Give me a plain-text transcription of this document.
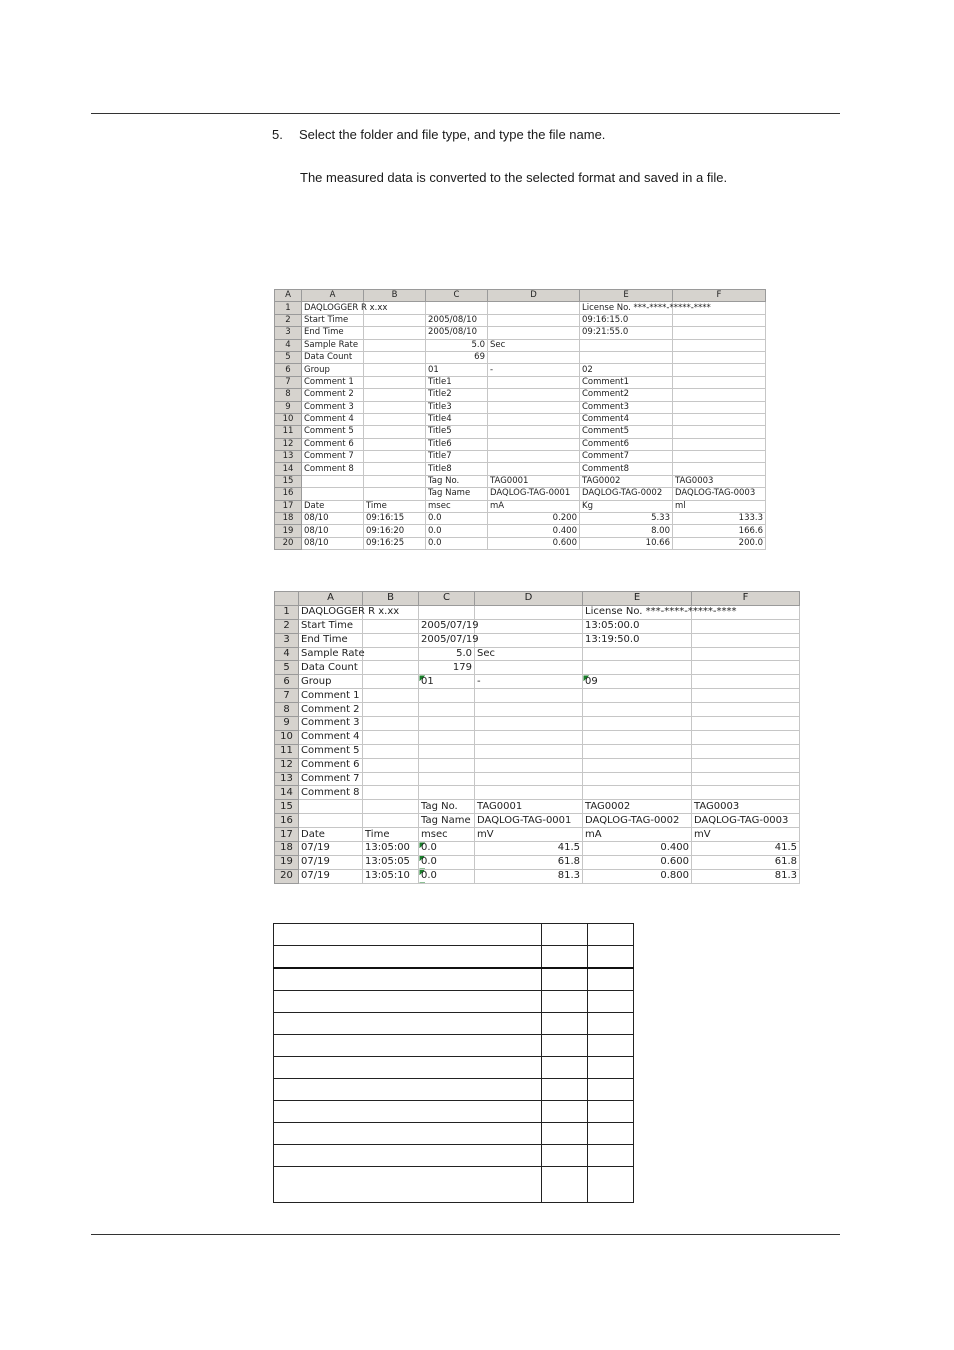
5. Select the folder and file type, and type the file name.
The measured data is converted to the selected format and saved in a file.
A	A	B	C	D	E	F
1	DAQLOGGER R x.xx				License No. ***-****-*****-****	
2	Start Time		2005/08/10		09:16:15.0	
3	End Time		2005/08/10		09:21:55.0	
4	Sample Rate		5.0	Sec		
5	Data Count		69			
6	Group		01	-	02	
7	Comment 1		Title1		Comment1	
8	Comment 2		Title2		Comment2	
9	Comment 3		Title3		Comment3	
10	Comment 4		Title4		Comment4	
11	Comment 5		Title5		Comment5	
12	Comment 6		Title6		Comment6	
13	Comment 7		Title7		Comment7	
14	Comment 8		Title8		Comment8	
15			Tag No.	TAG0001	TAG0002	TAG0003
16			Tag Name	DAQLOG-TAG-0001	DAQLOG-TAG-0002	DAQLOG-TAG-0003
17	Date	Time	msec	mA	Kg	ml
18	08/10	09:16:15	0.0	0.200	5.33	133.3
19	08/10	09:16:20	0.0	0.400	8.00	166.6
20	08/10	09:16:25	0.0	0.600	10.66	200.0
	A	B	C	D	E	F
1	DAQLOGGER R x.xx				License No. ***-****-*****-****	
2	Start Time		2005/07/19		13:05:00.0	
3	End Time		2005/07/19		13:19:50.0	
4	Sample Rate		5.0	Sec		
5	Data Count		179			
6	Group		01	-	09	
7	Comment 1					
8	Comment 2					
9	Comment 3					
10	Comment 4					
11	Comment 5					
12	Comment 6					
13	Comment 7					
14	Comment 8					
15			Tag No.	TAG0001	TAG0002	TAG0003
16			Tag Name	DAQLOG-TAG-0001	DAQLOG-TAG-0002	DAQLOG-TAG-0003
17	Date	Time	msec	mV	mA	mV
18	07/19	13:05:00	0.0	41.5	0.400	41.5
19	07/19	13:05:05	0.0	61.8	0.600	61.8
20	07/19	13:05:10	0.0	81.3	0.800	81.3
